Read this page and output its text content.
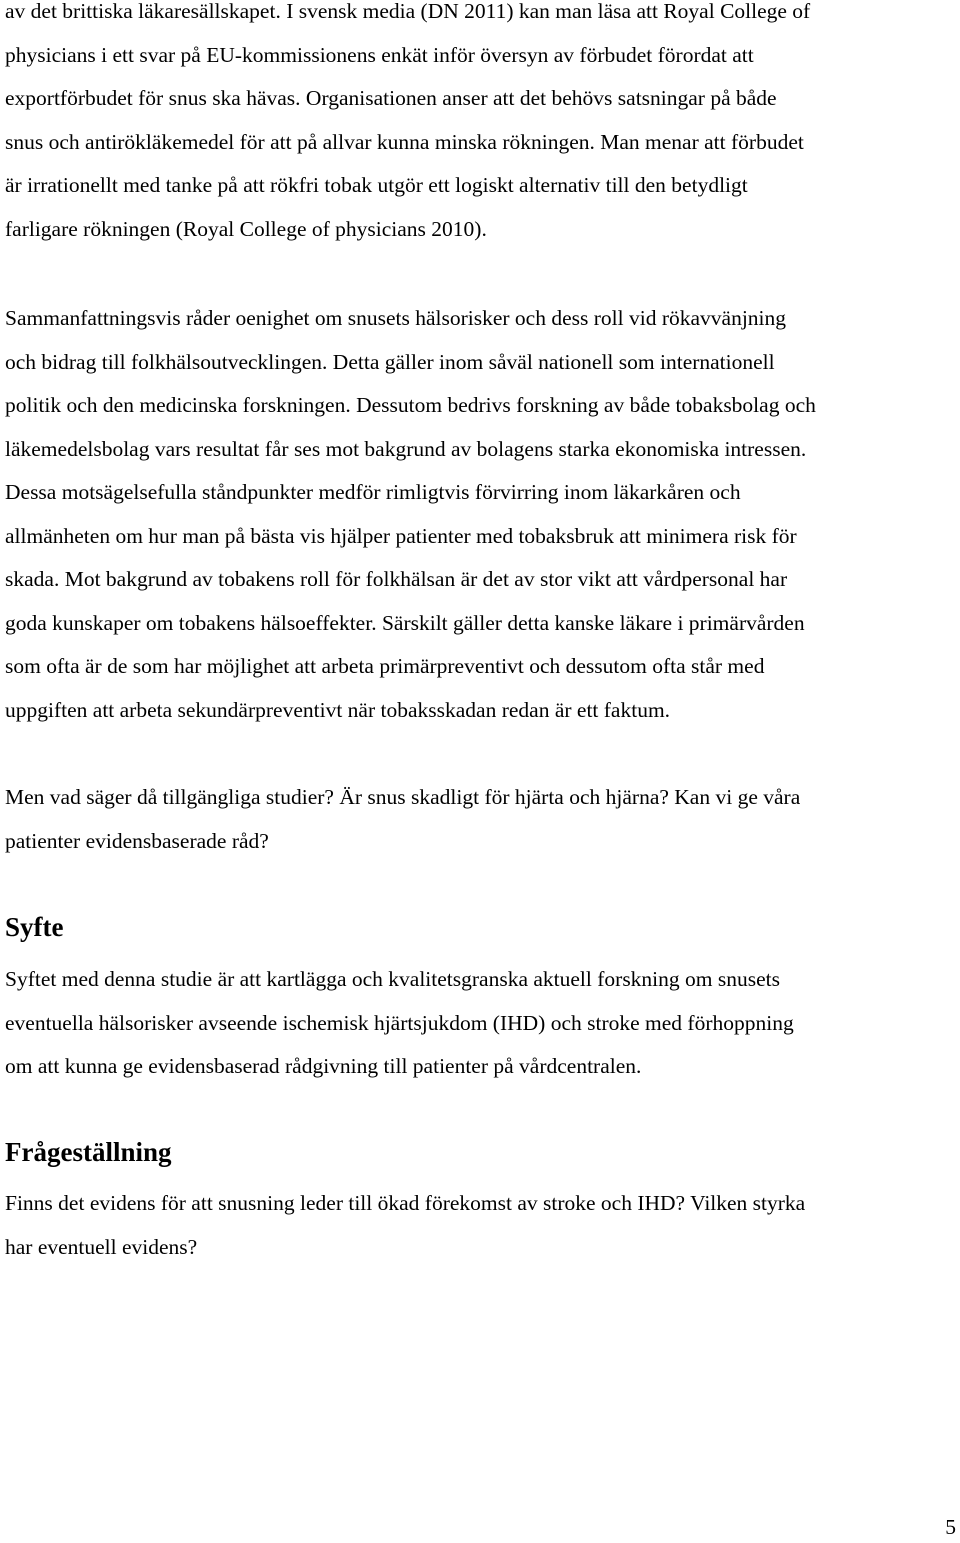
av det brittiska läkaresällskapet. I svensk media (DN 2011) kan man läsa att Royal College of
physicians i ett svar på EU-kommissionens enkät inför översyn av förbudet förordat att
exportförbudet för snus ska hävas. Organisationen anser att det behövs satsningar på både
snus och antirökläkemedel för att på allvar kunna minska rökningen. Man menar att förbudet
är irrationellt med tanke på att rökfri tobak utgör ett logiskt alternativ till den betydligt
farligare rökningen (Royal College of physicians 2010).
Sammanfattningsvis råder oenighet om snusets hälsorisker och dess roll vid rökavvänjning
och bidrag till folkhälsoutvecklingen. Detta gäller inom såväl nationell som internationell
politik och den medicinska forskningen. Dessutom bedrivs forskning av både tobaksbolag och
läkemedelsbolag vars resultat får ses mot bakgrund av bolagens starka ekonomiska intressen.
Dessa motsägelsefulla ståndpunkter medför rimligtvis förvirring inom läkarkåren och
allmänheten om hur man på bästa vis hjälper patienter med tobaksbruk att minimera risk för
skada. Mot bakgrund av tobakens roll för folkhälsan är det av stor vikt att vårdpersonal har
goda kunskaper om tobakens hälsoeffekter. Särskilt gäller detta kanske läkare i primärvården
som ofta är de som har möjlighet att arbeta primärpreventivt och dessutom ofta står med
uppgiften att arbeta sekundärpreventivt när tobaksskadan redan är ett faktum.
Men vad säger då tillgängliga studier? Är snus skadligt för hjärta och hjärna? Kan vi ge våra
patienter evidensbaserade råd?
Syfte
Syftet med denna studie är att kartlägga och kvalitetsgranska aktuell forskning om snusets
eventuella hälsorisker avseende ischemisk hjärtsjukdom (IHD) och stroke med förhoppning
om att kunna ge evidensbaserad rådgivning till patienter på vårdcentralen.
Frågeställning
Finns det evidens för att snusning leder till ökad förekomst av stroke och IHD? Vilken styrka
har eventuell evidens?
5
